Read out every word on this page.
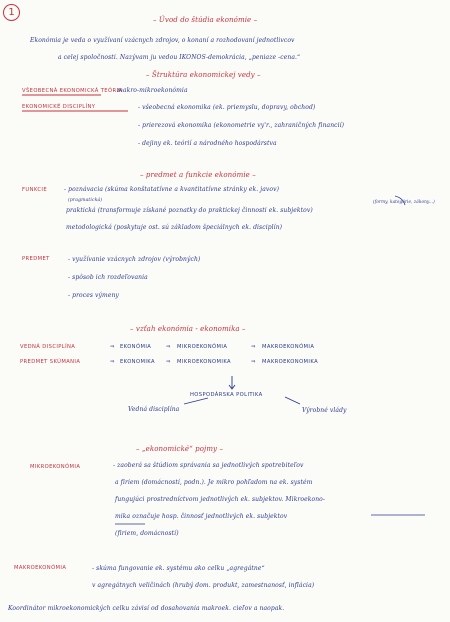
1
– Úvod do štúdia ekonómie –
Ekonómia je veda o využívaní vzácnych zdrojov, o konaní a rozhodovaní jednotlivcov
a celej spoločnosti. Nazývam ju vedou IKONOS-demokrácia, „peniaze -cena.“
– Štruktúra ekonomickej vedy –
VŠEOBECNÁ EKONOMICKÁ TEÓRIA
- makro-mikroekonómia
EKONOMICKÉ DISCIPLÍNY	- všeobecná ekonomika (ek. priemyslu, dopravy, obchod)
- prierezová ekonomika (ekonometrie vy'r., zahraničných financií)
- dejiny ek. teórií a národného hospodárstva
– predmet a funkcie ekonómie –
FUNKCIE	- poznávacia (skúma konštatatívne a kvantitatívne stránky ek. javov)
(pragmatická)	(formy, kategórie, zákony...)
praktická (transformuje získané poznatky do praktickej činnosti ek. subjektov)
metodologická (poskytuje ost. sú základom špeciálnych ek. disciplín)
PREDMET	- využívanie vzácnych zdrojov (výrobných)
- spôsob ich rozdeľovania
- proces výmeny
– vzťah ekonómia - ekonomika –
VEDNÁ DISCIPLÍNA	⇒ EKONÓMIA	⇒ MIKROEKONÓMIA	⇒ MAKROEKONÓMIA
PREDMET SKÚMANIA	⇒ EKONOMIKA ⇒ MIKROEKONOMIKA	⇒ MAKROEKONOMIKA
HOSPODÁRSKA POLITIKA
Vedná disciplína	Výrobné vlády
– „ekonomické“ pojmy –
MIKROEKONÓMIA	- zaoberá sa štúdiom správania sa jednotlivých spotrebiteľov
a firiem (domácností, podn.). Je mikro pohľadom na ek. systém
fungujúci prostredníctvom jednotlivých ek. subjektov. Mikroekono-
mika označuje hosp. činnosť jednotlivých ek. subjektov
(firiem, domácností)
MAKROEKONÓMIA	- skúma fungovanie ek. systému ako celku „agregátne“
v agregátnych veličinách (hrubý dom. produkt, zamestnanosť, inflácia)
Koordinátor mikroekonomických celku závisí od dosahovania makroek. cieľov a naopak.
